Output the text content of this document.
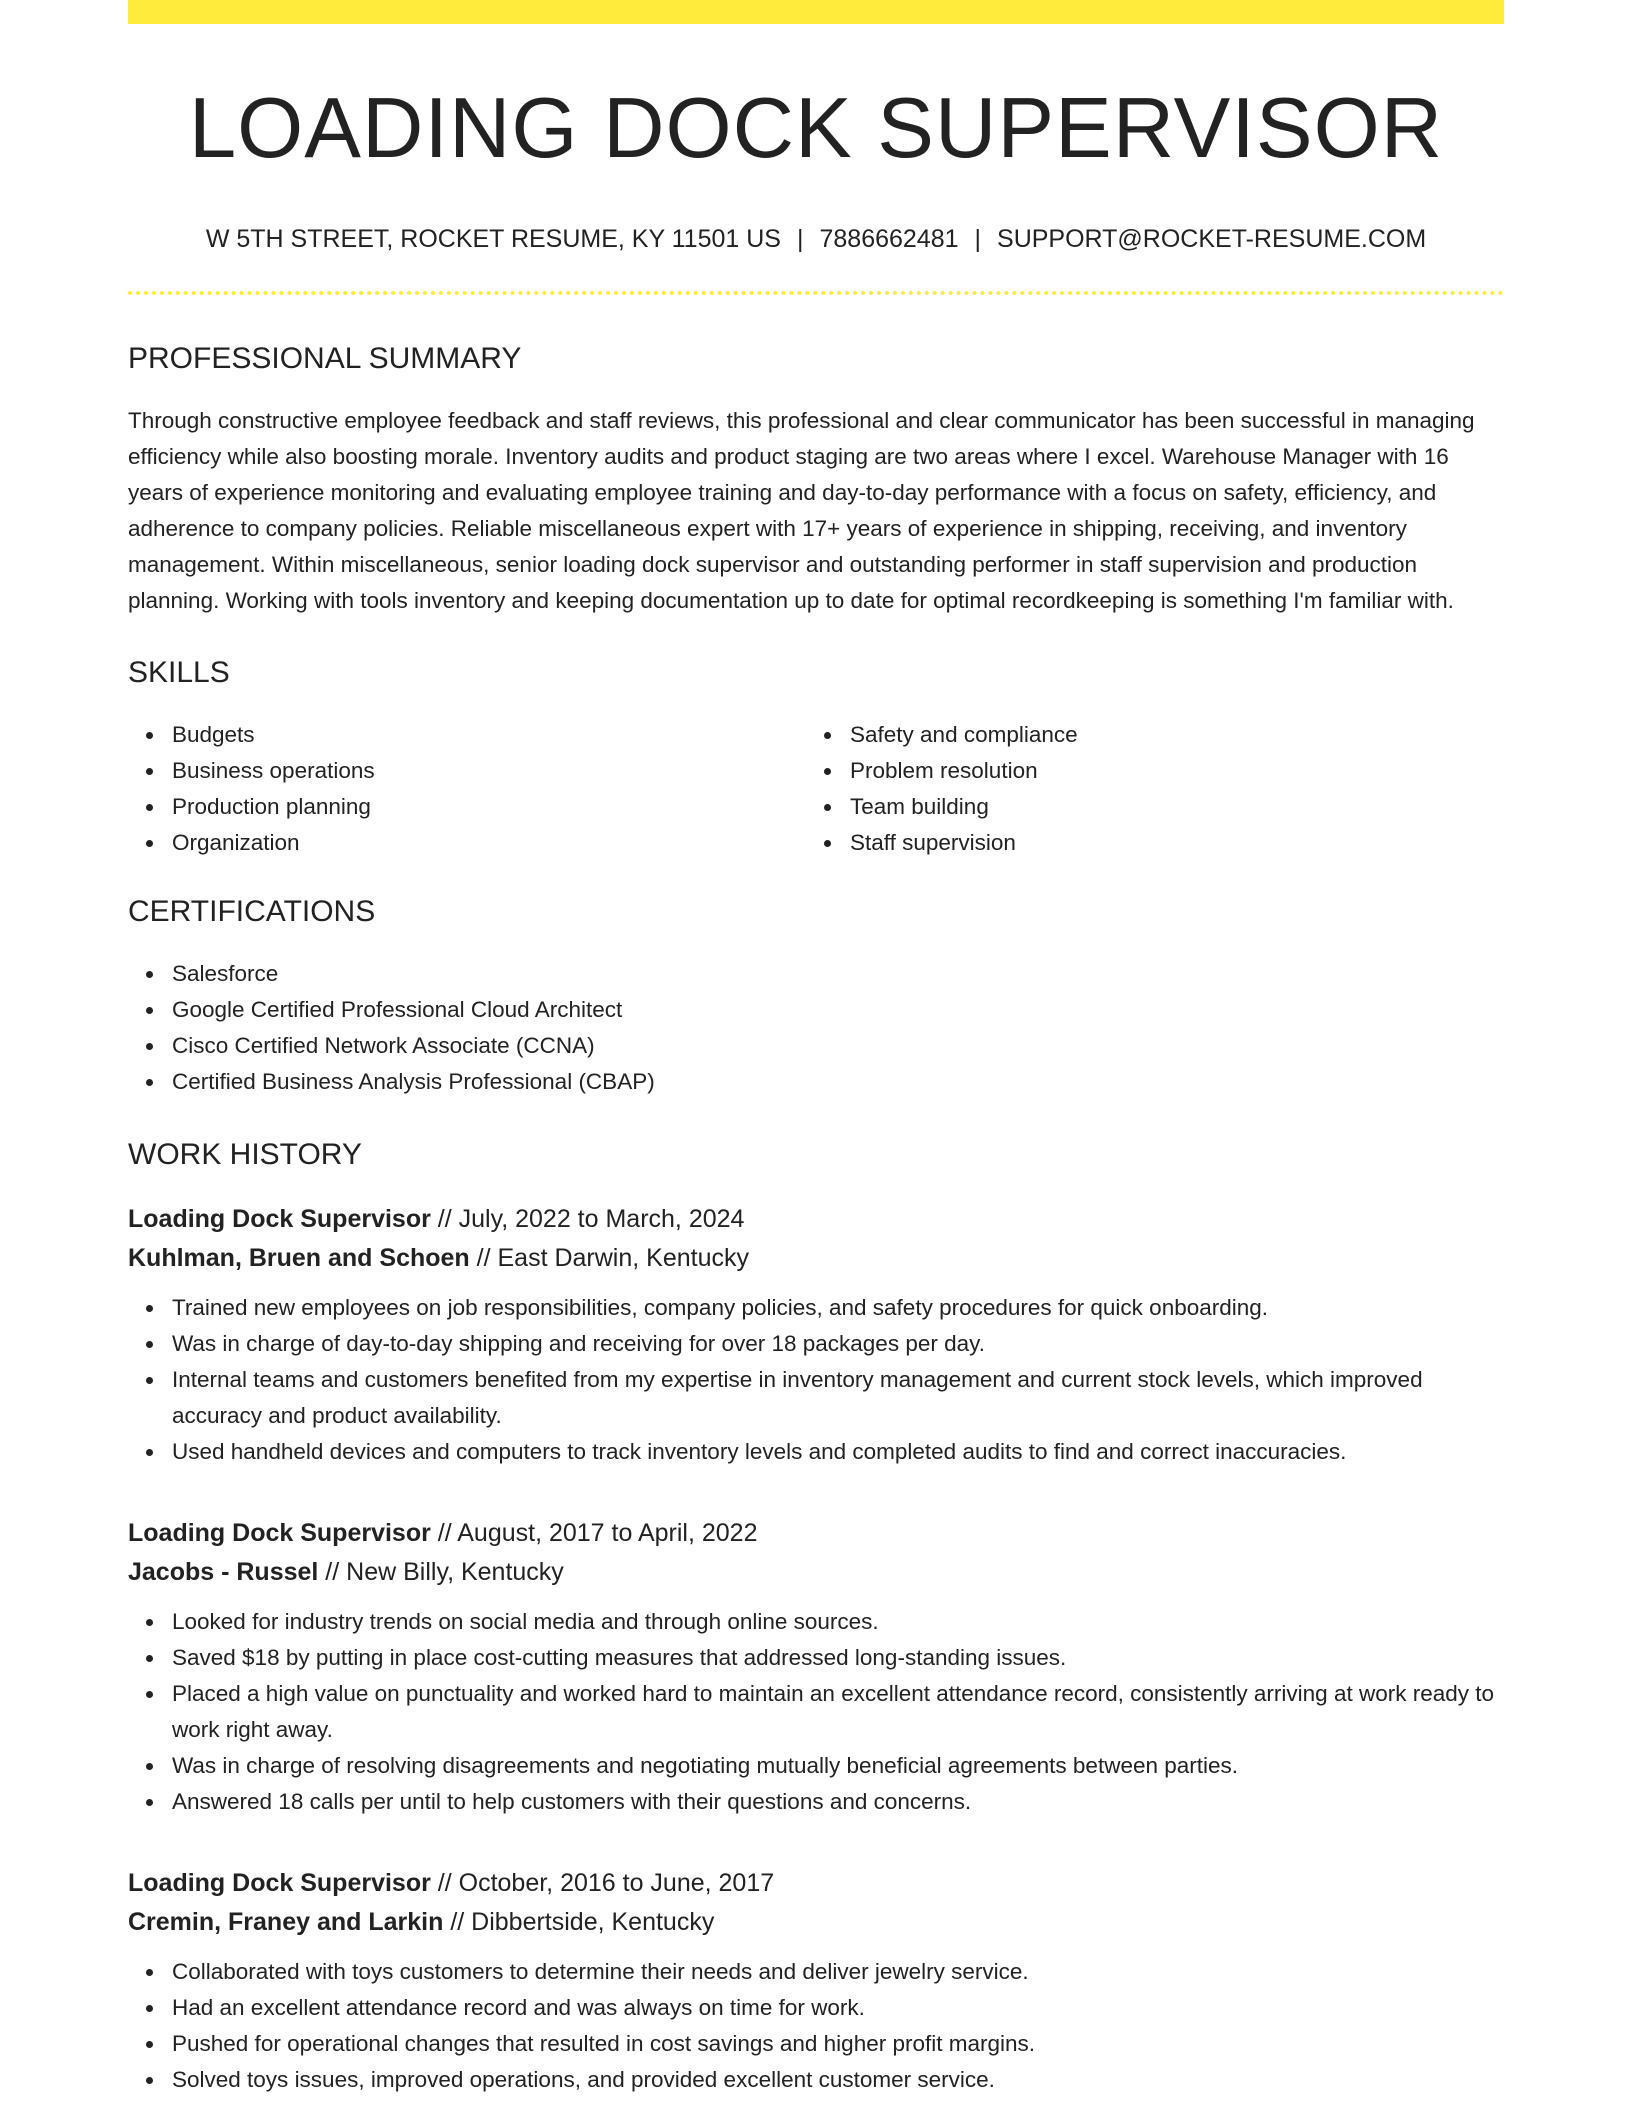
LOADING DOCK SUPERVISOR
W 5TH STREET, ROCKET RESUME, KY 11501 US | 7886662481 | SUPPORT@ROCKET-RESUME.COM
PROFESSIONAL SUMMARY

Through constructive employee feedback and staff reviews, this professional and clear communicator has been successful in managing efficiency while also boosting morale. Inventory audits and product staging are two areas where I excel. Warehouse Manager with 16 years of experience monitoring and evaluating employee training and day-to-day performance with a focus on safety, efficiency, and adherence to company policies. Reliable miscellaneous expert with 17+ years of experience in shipping, receiving, and inventory management. Within miscellaneous, senior loading dock supervisor and outstanding performer in staff supervision and production planning. Working with tools inventory and keeping documentation up to date for optimal recordkeeping is something I'm familiar with.

SKILLS
Budgets
Business operations
Production planning
Organization
Safety and compliance
Problem resolution
Team building
Staff supervision
CERTIFICATIONS
Salesforce
Google Certified Professional Cloud Architect
Cisco Certified Network Associate (CCNA)
Certified Business Analysis Professional (CBAP)
WORK HISTORY
Loading Dock Supervisor // July, 2022 to March, 2024
Kuhlman, Bruen and Schoen // East Darwin, Kentucky
Trained new employees on job responsibilities, company policies, and safety procedures for quick onboarding.
Was in charge of day-to-day shipping and receiving for over 18 packages per day.
Internal teams and customers benefited from my expertise in inventory management and current stock levels, which improved accuracy and product availability.
Used handheld devices and computers to track inventory levels and completed audits to find and correct inaccuracies.
Loading Dock Supervisor // August, 2017 to April, 2022
Jacobs - Russel // New Billy, Kentucky
Looked for industry trends on social media and through online sources.
Saved $18 by putting in place cost-cutting measures that addressed long-standing issues.
Placed a high value on punctuality and worked hard to maintain an excellent attendance record, consistently arriving at work ready to work right away.
Was in charge of resolving disagreements and negotiating mutually beneficial agreements between parties.
Answered 18 calls per until to help customers with their questions and concerns.
Loading Dock Supervisor // October, 2016 to June, 2017
Cremin, Franey and Larkin // Dibbertside, Kentucky
Collaborated with toys customers to determine their needs and deliver jewelry service.
Had an excellent attendance record and was always on time for work.
Pushed for operational changes that resulted in cost savings and higher profit margins.
Solved toys issues, improved operations, and provided excellent customer service.
